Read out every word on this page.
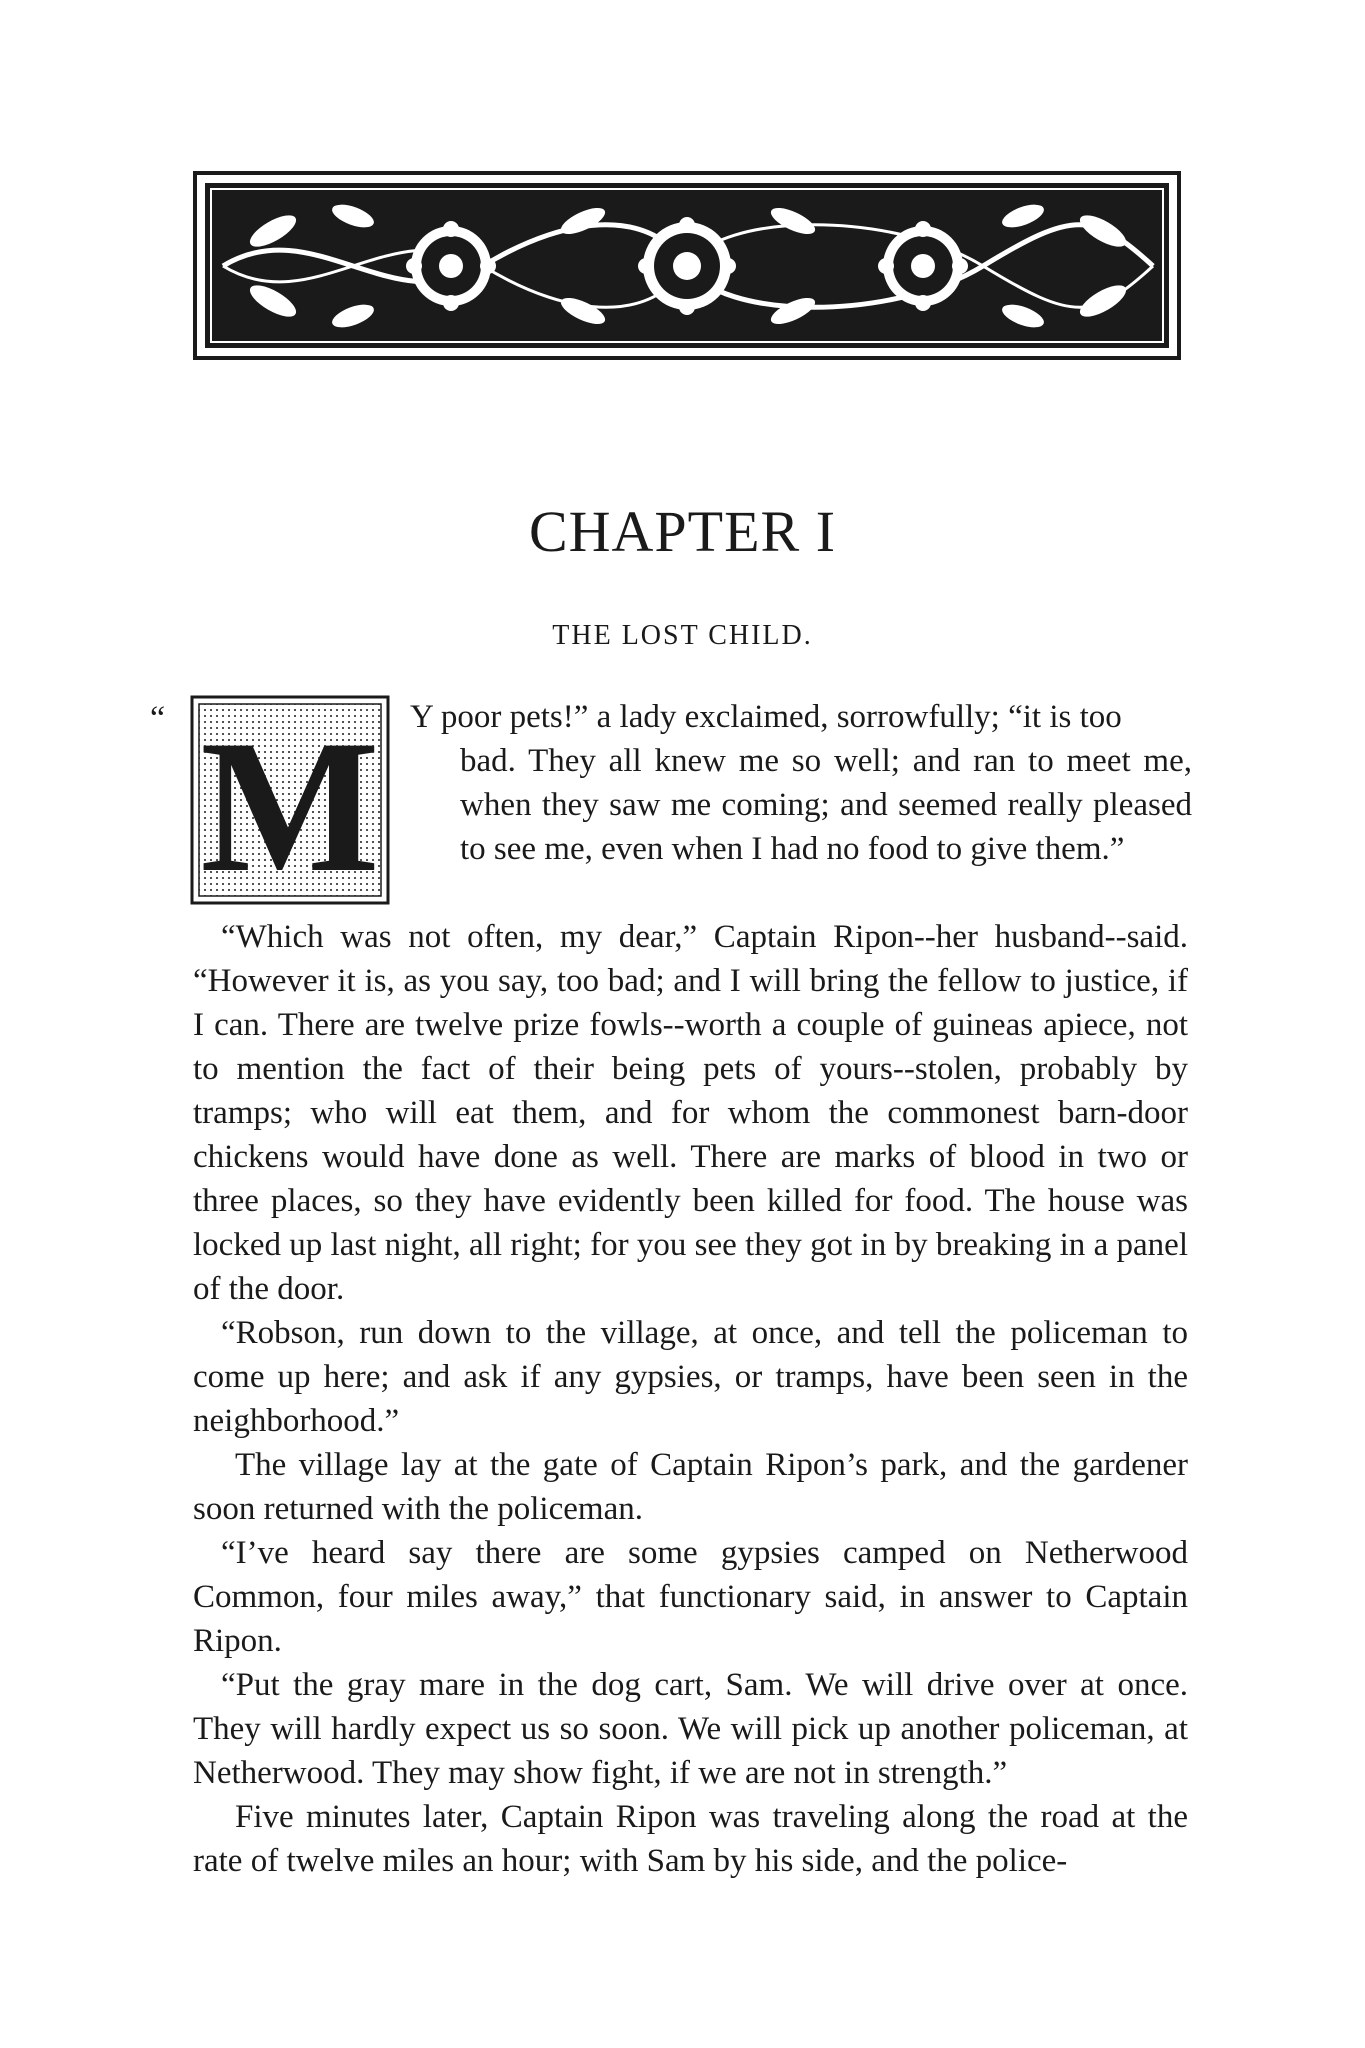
CHAPTER I
THE LOST CHILD.
“ M Y poor pets!” a lady exclaimed, sorrowfully; “it is too
bad. They all knew me so well; and ran to meet me, when they saw me coming; and seemed really pleased to see me, even when I had no food to give them.”

“Which was not often, my dear,” Captain Ripon--her husband--said. “However it is, as you say, too bad; and I will bring the fellow to justice, if I can. There are twelve prize fowls--worth a couple of guineas apiece, not to mention the fact of their being pets of yours--stolen, probably by tramps; who will eat them, and for whom the commonest barn-door chickens would have done as well. There are marks of blood in two or three places, so they have evidently been killed for food. The house was locked up last night, all right; for you see they got in by breaking in a panel of the door.

“Robson, run down to the village, at once, and tell the policeman to come up here; and ask if any gypsies, or tramps, have been seen in the neighborhood.”

The village lay at the gate of Captain Ripon’s park, and the gardener soon returned with the policeman.

“I’ve heard say there are some gypsies camped on Netherwood Common, four miles away,” that functionary said, in answer to Captain Ripon.

“Put the gray mare in the dog cart, Sam. We will drive over at once. They will hardly expect us so soon. We will pick up another policeman, at Netherwood. They may show fight, if we are not in strength.”

Five minutes later, Captain Ripon was traveling along the road at the rate of twelve miles an hour; with Sam by his side, and the police-
